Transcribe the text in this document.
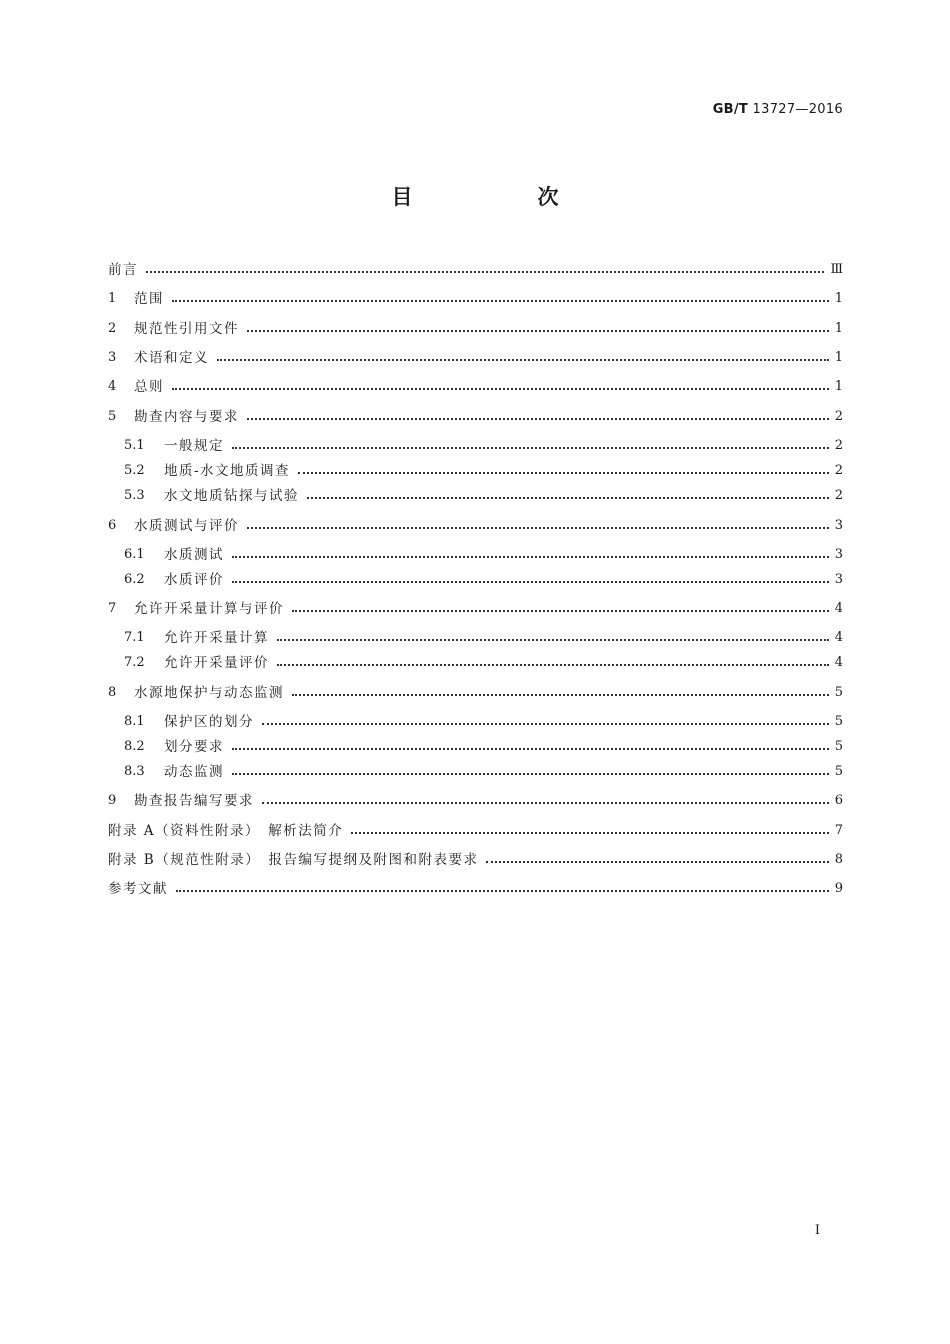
GB/T 13727—2016
目　次
前言	Ⅲ
1	范围	1
2	规范性引用文件	1
3	术语和定义	1
4	总则	1
5	勘查内容与要求	2
5.1	一般规定	2
5.2	地质-水文地质调查	2
5.3	水文地质钻探与试验	2
6	水质测试与评价	3
6.1	水质测试	3
6.2	水质评价	3
7	允许开采量计算与评价	4
7.1	允许开采量计算	4
7.2	允许开采量评价	4
8	水源地保护与动态监测	5
8.1	保护区的划分	5
8.2	划分要求	5
8.3	动态监测	5
9	勘查报告编写要求	6
附录 A（资料性附录）　解析法简介	7
附录 B（规范性附录）　报告编写提纲及附图和附表要求	8
参考文献	9
I
